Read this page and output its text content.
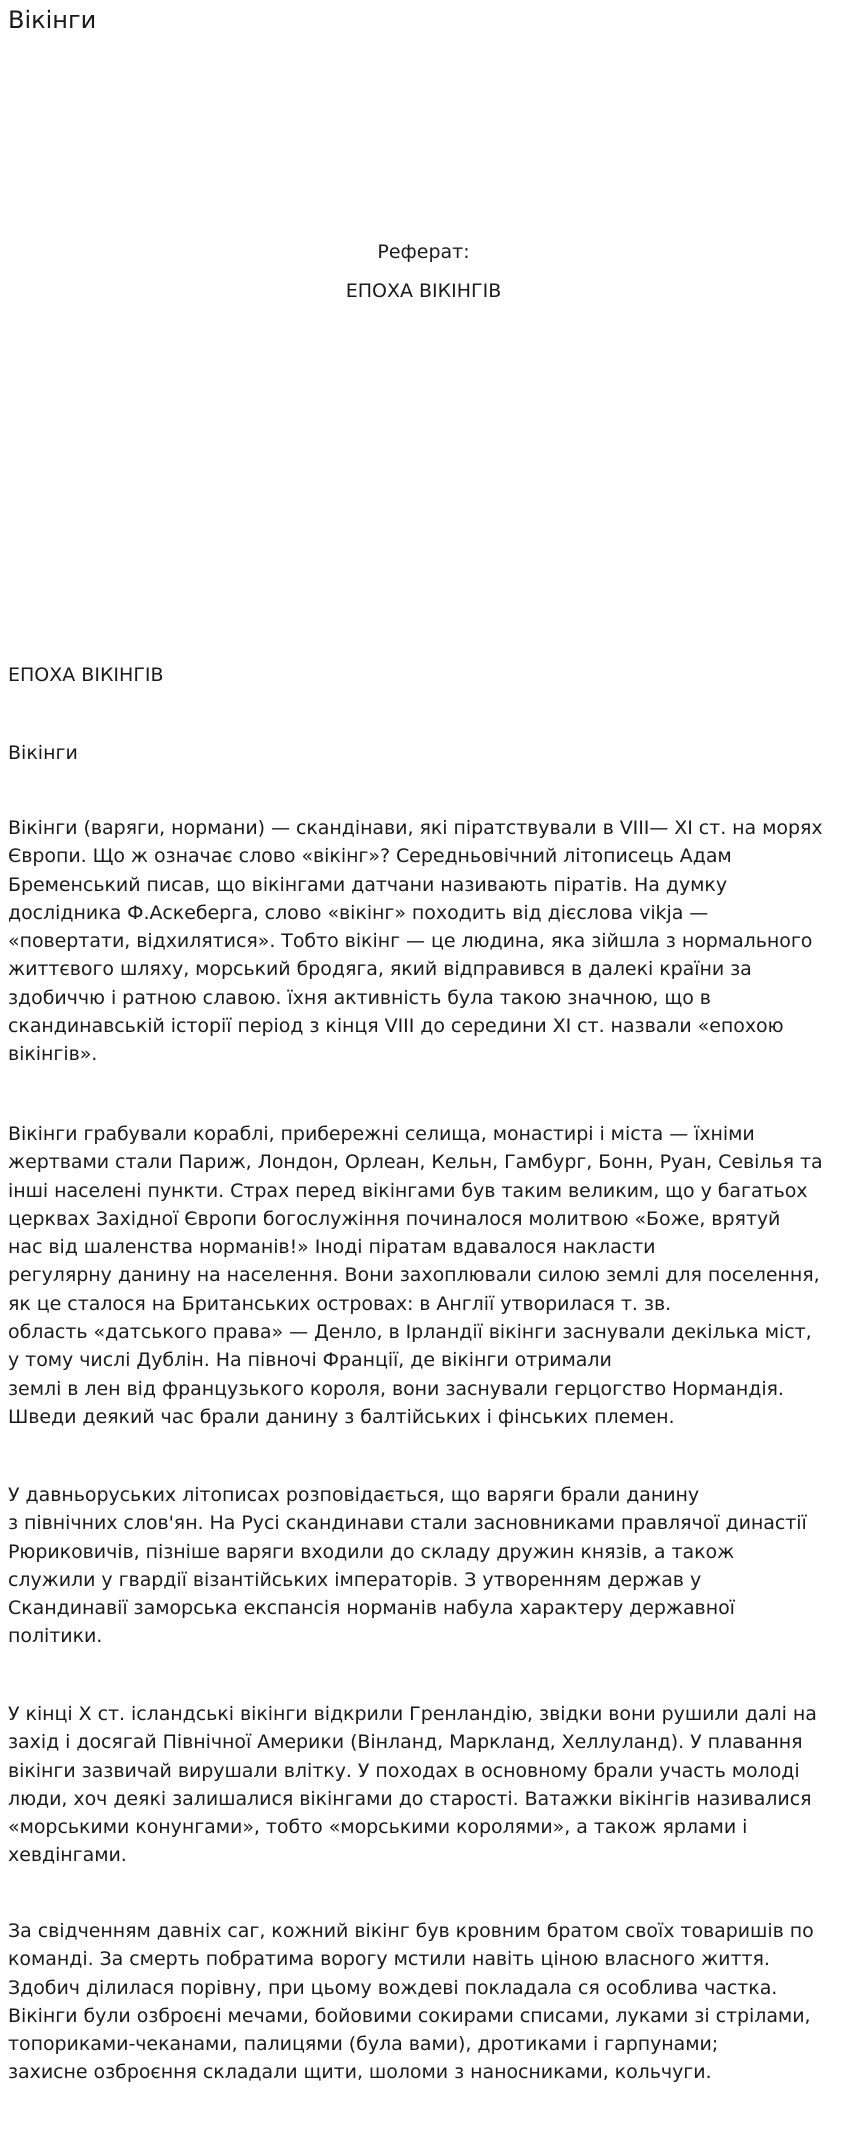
Вікінги
Реферат:
ЕПОХА ВІКІНГІВ
ЕПОХА ВІКІНГІВ
Вікінги

Вікінги (варяги, нормани) — скандінави, які піратствували в VIII— XI ст. на морях
Європи. Що ж означає слово «вікінг»? Середньовічний літописець Адам
Бременський писав, що вікінгами датчани називають піратів. На думку
дослідника Ф.Аскеберга, слово «вікінг» походить від дієслова vikja —
«повертати, відхилятися». Тобто вікінг — це людина, яка зійшла з нормального
життєвого шляху, морський бродяга, який відправився в далекі країни за
здобиччю і ратною славою. їхня активність була такою значною, що в
скандинавській історії період з кінця VIII до середини XI ст. назвали «епохою
вікінгів».

Вікінги грабували кораблі, прибережні селища, монастирі і міста — їхніми
жертвами стали Париж, Лондон, Орлеан, Кельн, Гамбург, Бонн, Руан, Севілья та
інші населені пункти. Страх перед вікінгами був таким великим, що у багатьох
церквах Західної Європи богослужіння починалося молитвою «Боже, врятуй
нас від шаленства норманів!» Іноді піратам вдавалося накласти
регулярну данину на населення. Вони захоплювали силою землі для поселення,
як це сталося на Британських островах: в Англії утворилася т. зв.
область «датського права» — Денло, в Ірландії вікінги заснували декілька міст,
у тому числі Дублін. На півночі Франції, де вікінги отримали
землі в лен від французького короля, вони заснували герцогство Нормандія.
Шведи деякий час брали данину з балтійських і фінських племен.

У давньоруських літописах розповідається, що варяги брали данину
з північних слов'ян. На Русі скандинави стали засновниками правлячої династії
Рюриковичів, пізніше варяги входили до складу дружин князів, а також
служили у гвардії візантійських імператорів. З утворенням держав у
Скандинавії заморська експансія норманів набула характеру державної
політики.

У кінці X ст. ісландські вікінги відкрили Гренландію, звідки вони рушили далі на
захід і досягай Північної Америки (Вінланд, Маркланд, Хеллуланд). У плавання
вікінги зазвичай вирушали влітку. У походах в основному брали участь молоді
люди, хоч деякі залишалися вікінгами до старості. Ватажки вікінгів називалися
«морськими конунгами», тобто «морськими королями», а також ярлами і
хевдінгами.

За свідченням давніх саг, кожний вікінг був кровним братом своїх товаришів по
команді. За смерть побратима ворогу мстили навіть ціною власного життя.
Здобич ділилася порівну, при цьому вождеві покладала ся особлива частка.
Вікінги були озброєні мечами, бойовими сокирами списами, луками зі стрілами,
топориками-чеканами, палицями (була вами), дротиками і гарпунами;
захисне озброєння складали щити, шоломи з наносниками, кольчуги.
